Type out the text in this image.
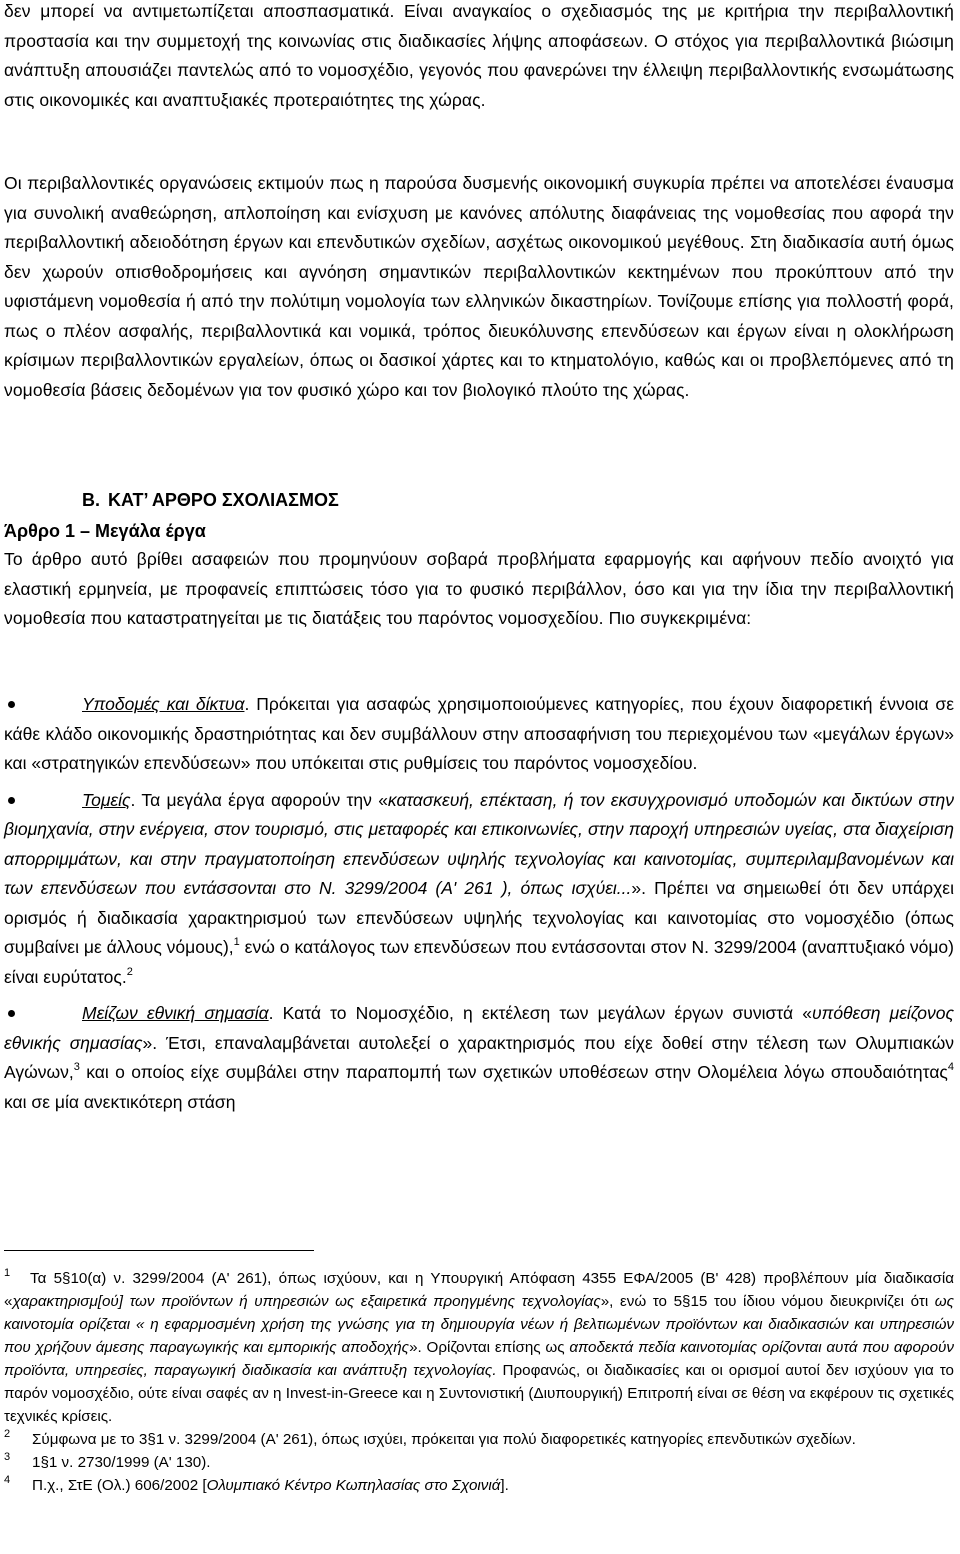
δεν μπορεί να αντιμετωπίζεται αποσπασματικά. Είναι αναγκαίος ο σχεδιασμός της με κριτήρια την περιβαλλοντική προστασία και την συμμετοχή της κοινωνίας στις διαδικασίες λήψης αποφάσεων. Ο στόχος για περιβαλλοντικά βιώσιμη ανάπτυξη απουσιάζει παντελώς από το νομοσχέδιο, γεγονός που φανερώνει την έλλειψη περιβαλλοντικής ενσωμάτωσης στις οικονομικές και αναπτυξιακές προτεραιότητες της χώρας.

Οι περιβαλλοντικές οργανώσεις εκτιμούν πως η παρούσα δυσμενής οικονομική συγκυρία πρέπει να αποτελέσει έναυσμα για συνολική αναθεώρηση, απλοποίηση και ενίσχυση με κανόνες απόλυτης διαφάνειας της νομοθεσίας που αφορά την περιβαλλοντική αδειοδότηση έργων και επενδυτικών σχεδίων, ασχέτως οικονομικού μεγέθους. Στη διαδικασία αυτή όμως δεν χωρούν οπισθοδρομήσεις και αγνόηση σημαντικών περιβαλλοντικών κεκτημένων που προκύπτουν από την υφιστάμενη νομοθεσία ή από την πολύτιμη νομολογία των ελληνικών δικαστηρίων. Τονίζουμε επίσης για πολλοστή φορά, πως ο πλέον ασφαλής, περιβαλλοντικά και νομικά, τρόπος διευκόλυνσης επενδύσεων και έργων είναι η ολοκλήρωση κρίσιμων περιβαλλοντικών εργαλείων, όπως οι δασικοί χάρτες και το κτηματολόγιο, καθώς και οι προβλεπόμενες από τη νομοθεσία βάσεις δεδομένων για τον φυσικό χώρο και τον βιολογικό πλούτο της χώρας.

Β. ΚΑΤ’ ΑΡΘΡΟ ΣΧΟΛΙΑΣΜΟΣ
Άρθρο 1 – Μεγάλα έργα

Το άρθρο αυτό βρίθει ασαφειών που προμηνύουν σοβαρά προβλήματα εφαρμογής και αφήνουν πεδίο ανοιχτό για ελαστική ερμηνεία, με προφανείς επιπτώσεις τόσο για το φυσικό περιβάλλον, όσο και για την ίδια την περιβαλλοντική νομοθεσία που καταστρατηγείται με τις διατάξεις του παρόντος νομοσχεδίου. Πιο συγκεκριμένα:

Υποδομές και δίκτυα. Πρόκειται για ασαφώς χρησιμοποιούμενες κατηγορίες, που έχουν διαφορετική έννοια σε κάθε κλάδο οικονομικής δραστηριότητας και δεν συμβάλλουν στην αποσαφήνιση του περιεχομένου των «μεγάλων έργων» και «στρατηγικών επενδύσεων» που υπόκειται στις ρυθμίσεις του παρόντος νομοσχεδίου.
Τομείς. Τα μεγάλα έργα αφορούν την «κατασκευή, επέκταση, ή τον εκσυγχρονισμό υποδομών και δικτύων στην βιομηχανία, στην ενέργεια, στον τουρισμό, στις μεταφορές και επικοινωνίες, στην παροχή υπηρεσιών υγείας, στα διαχείριση απορριμμάτων, και στην πραγματοποίηση επενδύσεων υψηλής τεχνολογίας και καινοτομίας, συμπεριλαμβανομένων και των επενδύσεων που εντάσσονται στο Ν. 3299/2004 (Α' 261 ), όπως ισχύει...». Πρέπει να σημειωθεί ότι δεν υπάρχει ορισμός ή διαδικασία χαρακτηρισμού των επενδύσεων υψηλής τεχνολογίας και καινοτομίας στο νομοσχέδιο (όπως συμβαίνει με άλλους νόμους),$^1$ ενώ ο κατάλογος των επενδύσεων που εντάσσονται στον Ν. 3299/2004 (αναπτυξιακό νόμο) είναι ευρύτατος.$^2$
Μείζων εθνική σημασία. Κατά το Νομοσχέδιο, η εκτέλεση των μεγάλων έργων συνιστά «υπόθεση μείζονος εθνικής σημασίας». Έτσι, επαναλαμβάνεται αυτολεξεί ο χαρακτηρισμός που είχε δοθεί στην τέλεση των Ολυμπιακών Αγώνων,$^3$ και ο οποίος είχε συμβάλει στην παραπομπή των σχετικών υποθέσεων στην Ολομέλεια λόγω σπουδαιότητας$^4$ και σε μία ανεκτικότερη στάση

1 Τα 5§10(α) ν. 3299/2004 (Α' 261), όπως ισχύουν, και η Υπουργική Απόφαση 4355 ΕΦΑ/2005 (Β' 428) προβλέπουν μία διαδικασία «χαρακτηρισμ[ού] των προϊόντων ή υπηρεσιών ως εξαιρετικά προηγμένης τεχνολογίας», ενώ το 5§15 του ίδιου νόμου διευκρινίζει ότι ως καινοτομία ορίζεται « η εφαρμοσμένη χρήση της γνώσης για τη δημιουργία νέων ή βελτιωμένων προϊόντων και διαδικασιών και υπηρεσιών που χρήζουν άμεσης παραγωγικής και εμπορικής αποδοχής». Ορίζονται επίσης ως αποδεκτά πεδία καινοτομίας ορίζονται αυτά που αφορούν προϊόντα, υπηρεσίες, παραγωγική διαδικασία και ανάπτυξη τεχνολογίας. Προφανώς, οι διαδικασίες και οι ορισμοί αυτοί δεν ισχύουν για το παρόν νομοσχέδιο, ούτε είναι σαφές αν η Invest-in-Greece και η Συντονιστική (Διυπουργική) Επιτροπή είναι σε θέση να εκφέρουν τις σχετικές τεχνικές κρίσεις.

2 Σύμφωνα με το 3§1 ν. 3299/2004 (Α' 261), όπως ισχύει, πρόκειται για πολύ διαφορετικές κατηγορίες επενδυτικών σχεδίων.

3 1§1 ν. 2730/1999 (Α' 130).

4 Π.χ., ΣτΕ (Ολ.) 606/2002 [Ολυμπιακό Κέντρο Κωπηλασίας στο Σχοινιά].
